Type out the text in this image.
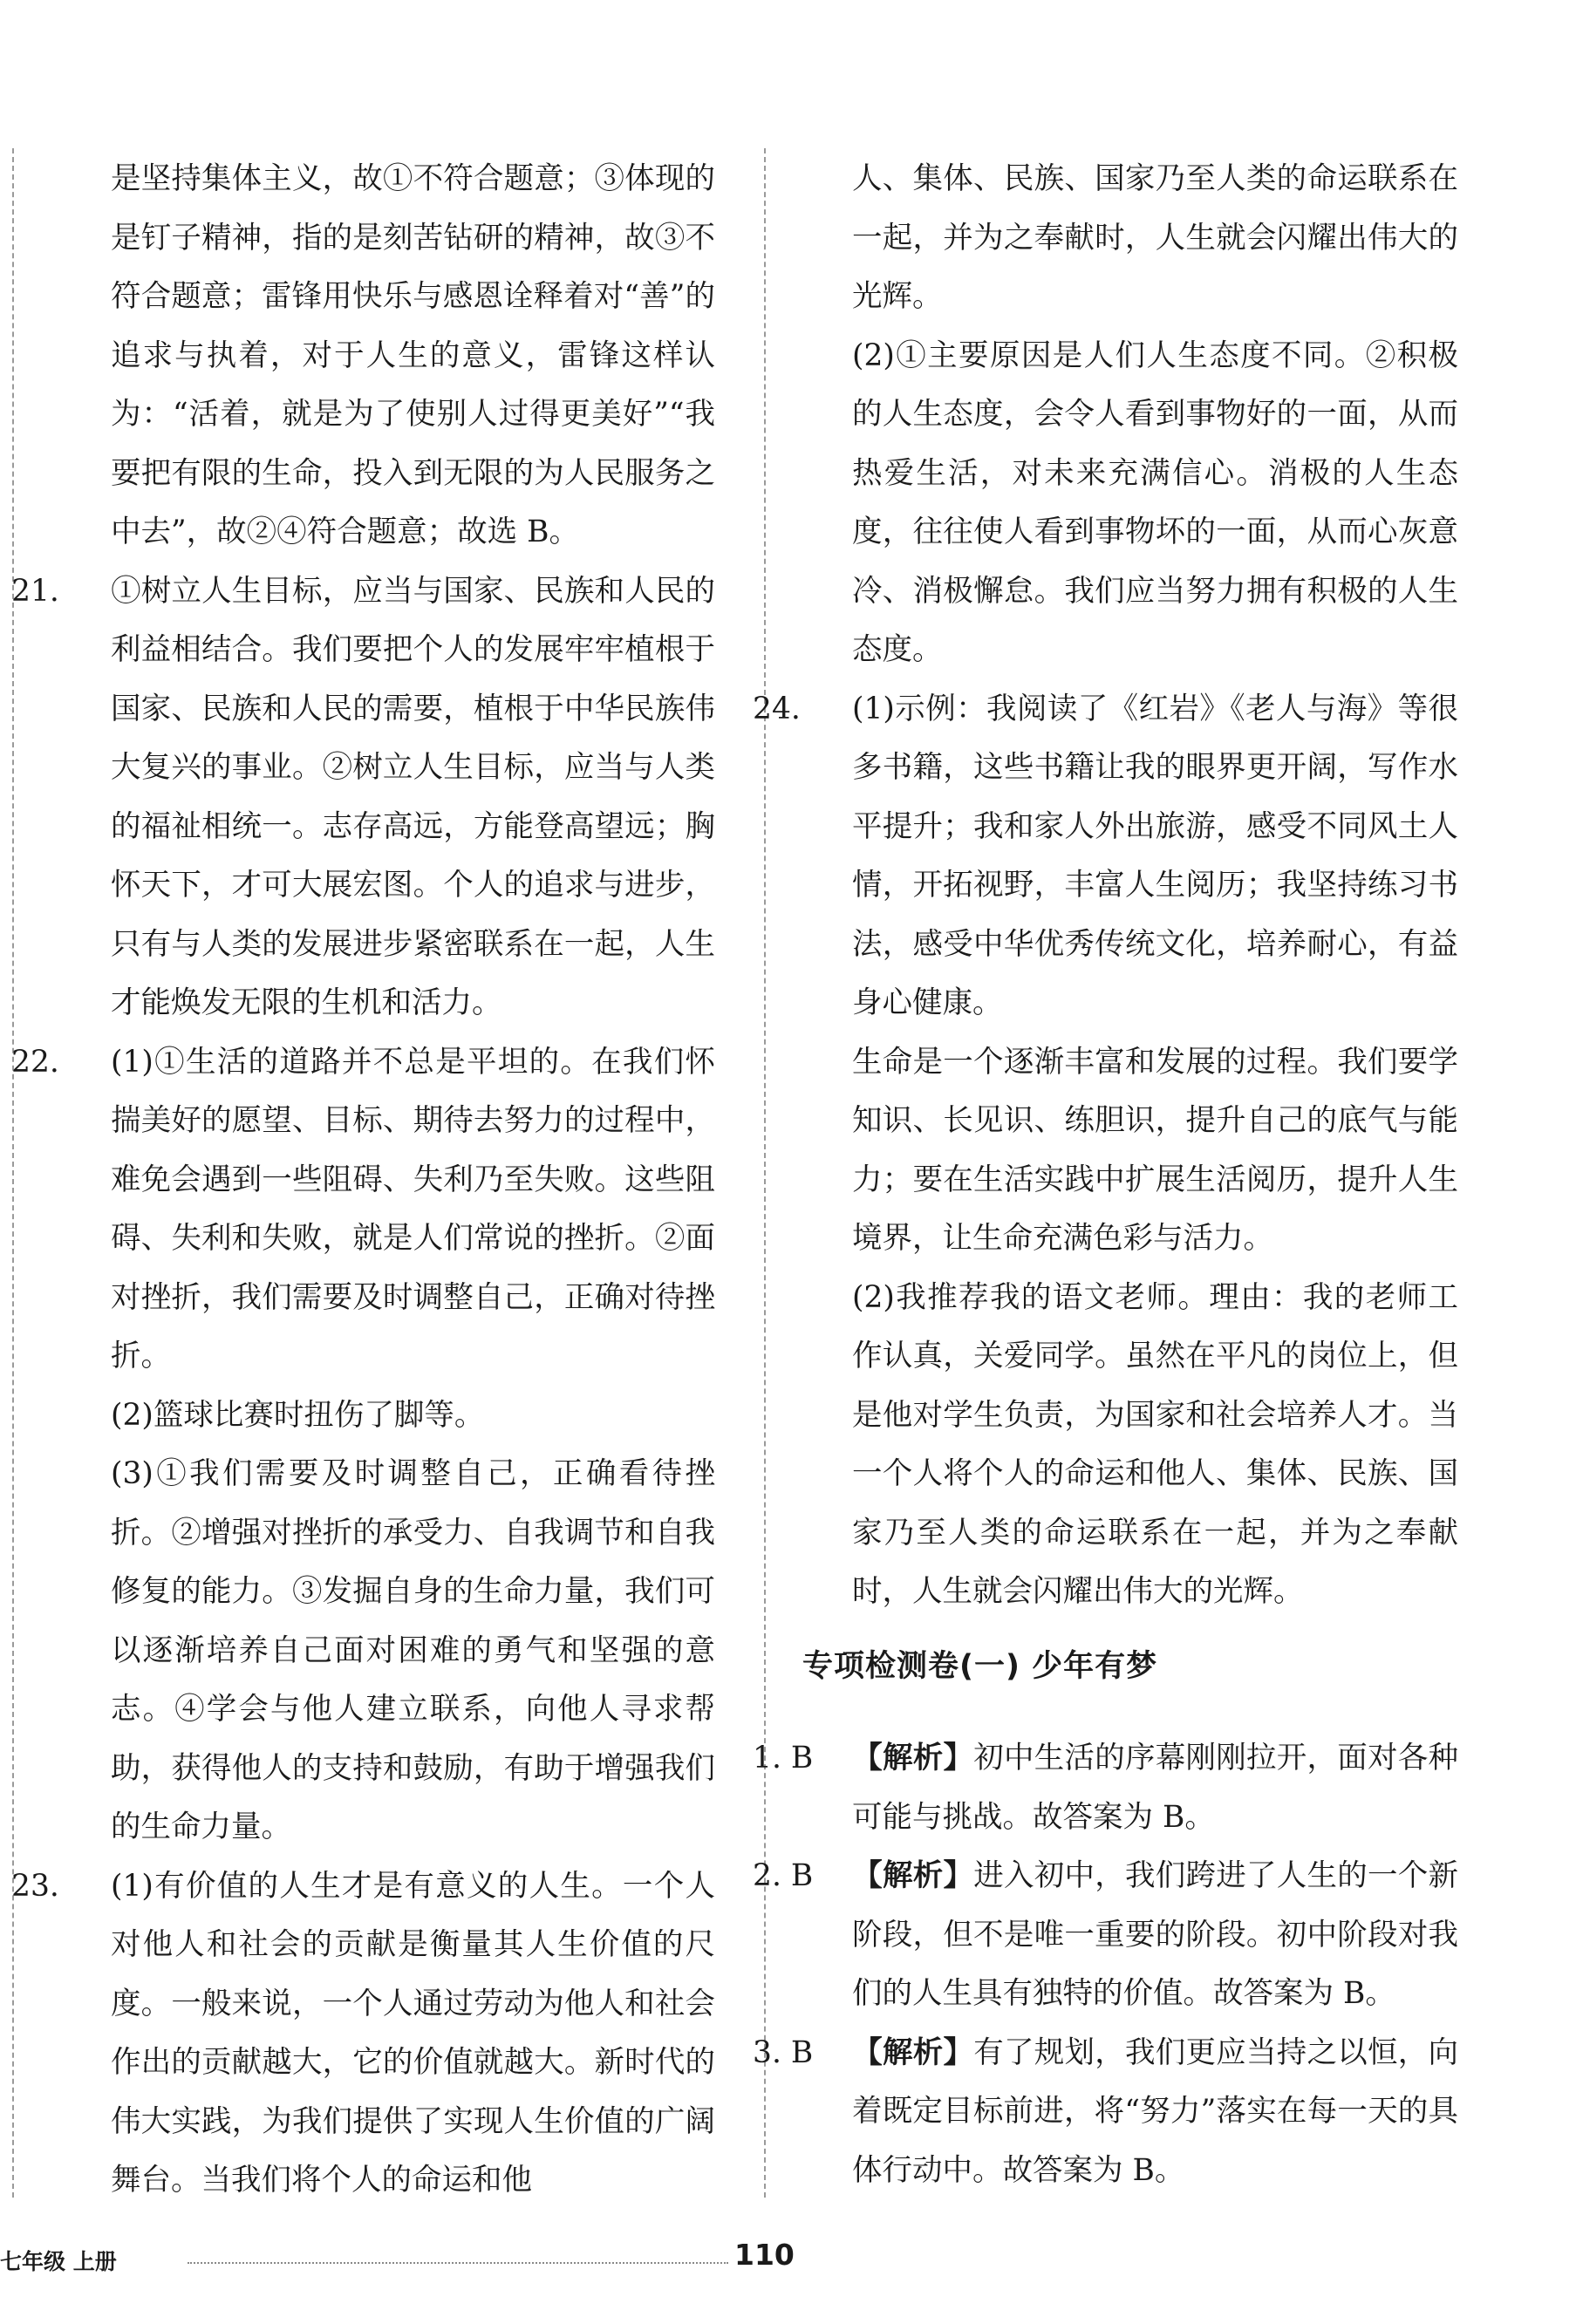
是坚持集体主义，故①不符合题意；③体现的是钉子精神，指的是刻苦钻研的精神，故③不符合题意；雷锋用快乐与感恩诠释着对“善”的追求与执着，对于人生的意义，雷锋这样认为：“活着，就是为了使别人过得更美好”“我要把有限的生命，投入到无限的为人民服务之中去”，故②④符合题意；故选 B。

21. ①树立人生目标，应当与国家、民族和人民的利益相结合。我们要把个人的发展牢牢植根于国家、民族和人民的需要，植根于中华民族伟大复兴的事业。②树立人生目标，应当与人类的福祉相统一。志存高远，方能登高望远；胸怀天下，才可大展宏图。个人的追求与进步，只有与人类的发展进步紧密联系在一起，人生才能焕发无限的生机和活力。

22. (1)①生活的道路并不总是平坦的。在我们怀揣美好的愿望、目标、期待去努力的过程中，难免会遇到一些阻碍、失利乃至失败。这些阻碍、失利和失败，就是人们常说的挫折。②面对挫折，我们需要及时调整自己，正确对待挫折。

(2)篮球比赛时扭伤了脚等。

(3)①我们需要及时调整自己，正确看待挫折。②增强对挫折的承受力、自我调节和自我修复的能力。③发掘自身的生命力量，我们可以逐渐培养自己面对困难的勇气和坚强的意志。④学会与他人建立联系，向他人寻求帮助，获得他人的支持和鼓励，有助于增强我们的生命力量。

23. (1)有价值的人生才是有意义的人生。一个人对他人和社会的贡献是衡量其人生价值的尺度。一般来说，一个人通过劳动为他人和社会作出的贡献越大，它的价值就越大。新时代的伟大实践，为我们提供了实现人生价值的广阔舞台。当我们将个人的命运和他

人、集体、民族、国家乃至人类的命运联系在一起，并为之奉献时，人生就会闪耀出伟大的光辉。

(2)①主要原因是人们人生态度不同。②积极的人生态度，会令人看到事物好的一面，从而热爱生活，对未来充满信心。消极的人生态度，往往使人看到事物坏的一面，从而心灰意冷、消极懈怠。我们应当努力拥有积极的人生态度。

24. (1)示例：我阅读了《红岩》《老人与海》等很多书籍，这些书籍让我的眼界更开阔，写作水平提升；我和家人外出旅游，感受不同风土人情，开拓视野，丰富人生阅历；我坚持练习书法，感受中华优秀传统文化，培养耐心，有益身心健康。

生命是一个逐渐丰富和发展的过程。我们要学知识、长见识、练胆识，提升自己的底气与能力；要在生活实践中扩展生活阅历，提升人生境界，让生命充满色彩与活力。

(2)我推荐我的语文老师。理由：我的老师工作认真，关爱同学。虽然在平凡的岗位上，但是他对学生负责，为国家和社会培养人才。当一个人将个人的命运和他人、集体、民族、国家乃至人类的命运联系在一起，并为之奉献时，人生就会闪耀出伟大的光辉。

专项检测卷(一) 少年有梦

1. B 【解析】初中生活的序幕刚刚拉开，面对各种可能与挑战。故答案为 B。

2. B 【解析】进入初中，我们跨进了人生的一个新阶段，但不是唯一重要的阶段。初中阶段对我们的人生具有独特的价值。故答案为 B。

3. B 【解析】有了规划，我们更应当持之以恒，向着既定目标前进，将“努力”落实在每一天的具体行动中。故答案为 B。

七年级 上册	110
